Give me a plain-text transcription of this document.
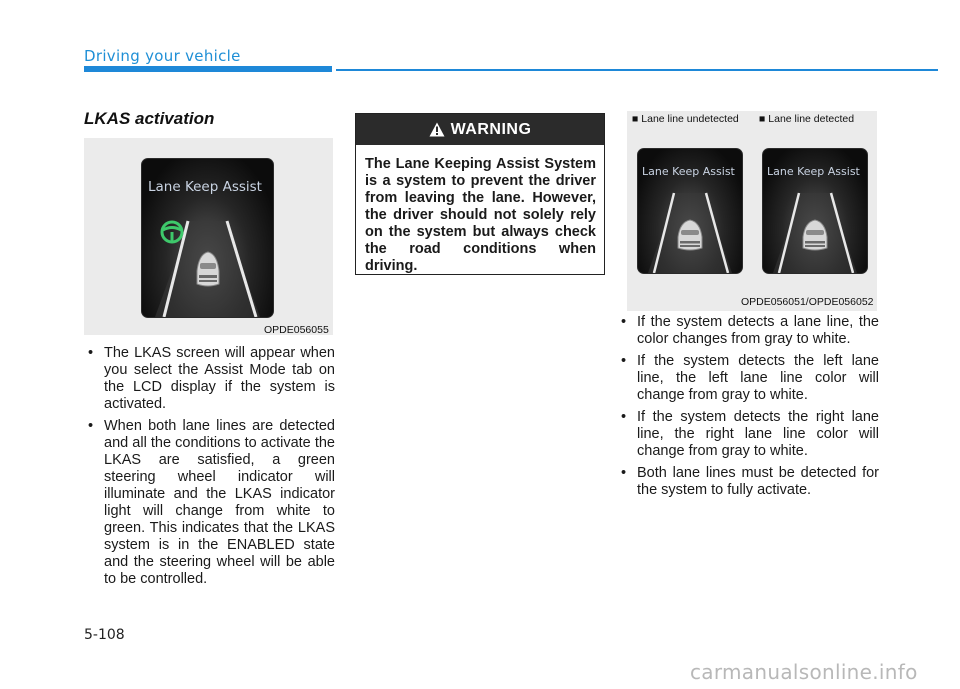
Driving your vehicle
LKAS activation
Lane Keep Assist
OPDE056055
• The LKAS screen will appear when you select the Assist Mode tab on the LCD display if the system is activated.
• When both lane lines are detected and all the conditions to activate the LKAS are satisfied, a green steering wheel indicator will illuminate and the LKAS indicator light will change from white to green. This indicates that the LKAS system is in the ENABLED state and the steering wheel will be able to be controlled.
WARNING
The Lane Keeping Assist System is a system to prevent the driver from leaving the lane. However, the driver should not solely rely on the system but always check the road conditions when driving.
Lane Keep Assist	Lane Keep Assist
■ Lane line undetected ■ Lane line detected
OPDE056051/OPDE056052
• If the system detects a lane line, the color changes from gray to white.
• If the system detects the left lane line, the left lane line color will change from gray to white.
• If the system detects the right lane line, the right lane line color will change from gray to white.
• Both lane lines must be detected for the system to fully activate.
5-108
carmanualsonline.info
